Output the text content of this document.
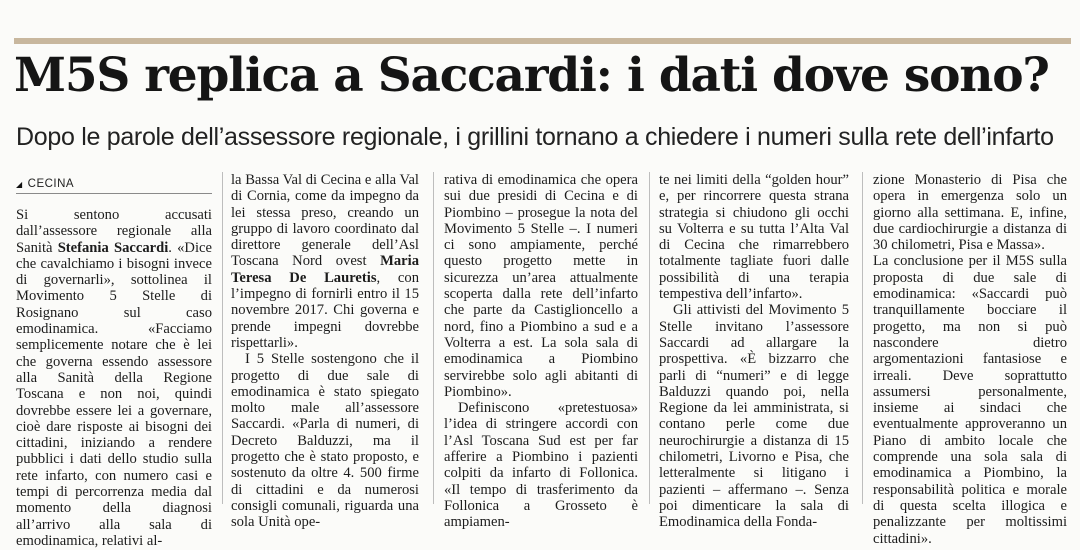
M5S replica a Saccardi: i dati dove sono?
Dopo le parole dell’assessore regionale, i grillini tornano a chiedere i numeri sulla rete dell’infarto
◢ CECINA

Si sentono accusati dall’assessore regionale alla Sanità Stefania Saccardi. «Dice che cavalchiamo i bisogni invece di governarli», sottolinea il Movimento 5 Stelle di Rosignano sul caso emodinamica. «Facciamo semplicemente notare che è lei che governa essendo assessore alla Sanità della Regione Toscana e non noi, quindi dovrebbe essere lei a governare, cioè dare risposte ai bisogni dei cittadini, iniziando a rendere pubblici i dati dello studio sulla rete infarto, con numero casi e tempi di percorrenza media dal momento della diagnosi all’arrivo alla sala di emodinamica, relativi al-

la Bassa Val di Cecina e alla Val di Cornia, come da impegno da lei stessa preso, creando un gruppo di lavoro coordinato dal direttore generale dell’Asl Toscana Nord ovest Maria Teresa De Lauretis, con l’impegno di fornirli entro il 15 novembre 2017. Chi governa e prende impegni dovrebbe rispettarli».

I 5 Stelle sostengono che il progetto di due sale di emodinamica è stato spiegato molto male all’assessore Saccardi. «Parla di numeri, di Decreto Balduzzi, ma il progetto che è stato proposto, e sostenuto da oltre 4. 500 firme di cittadini e da numerosi consigli comunali, riguarda una sola Unità ope-

rativa di emodinamica che opera sui due presidi di Cecina e di Piombino – prosegue la nota del Movimento 5 Stelle –. I numeri ci sono ampiamente, perché questo progetto mette in sicurezza un’area attualmente scoperta dalla rete dell’infarto che parte da Castiglioncello a nord, fino a Piombino a sud e a Volterra a est. La sola sala di emodinamica a Piombino servirebbe solo agli abitanti di Piombino».

Definiscono «pretestuosa» l’idea di stringere accordi con l’Asl Toscana Sud est per far afferire a Piombino i pazienti colpiti da infarto di Follonica. «Il tempo di trasferimento da Follonica a Grosseto è ampiamen-

te nei limiti della “golden hour” e, per rincorrere questa strana strategia si chiudono gli occhi su Volterra e su tutta l’Alta Val di Cecina che rimarrebbero totalmente tagliate fuori dalle possibilità di una terapia tempestiva dell’infarto».

Gli attivisti del Movimento 5 Stelle invitano l’assessore Saccardi ad allargare la prospettiva. «È bizzarro che parli di “numeri” e di legge Balduzzi quando poi, nella Regione da lei amministrata, si contano perle come due neurochirurgie a distanza di 15 chilometri, Livorno e Pisa, che letteralmente si litigano i pazienti – affermano –. Senza poi dimenticare la sala di Emodinamica della Fonda-

zione Monasterio di Pisa che opera in emergenza solo un giorno alla settimana. E, infine, due cardiochirurgie a distanza di 30 chilometri, Pisa e Massa».

La conclusione per il M5S sulla proposta di due sale di emodinamica: «Saccardi può tranquillamente bocciare il progetto, ma non si può nascondere dietro argomentazioni fantasiose e irreali. Deve soprattutto assumersi personalmente, insieme ai sindaci che eventualmente approveranno un Piano di ambito locale che comprende una sola sala di emodinamica a Piombino, la responsabilità politica e morale di questa scelta illogica e penalizzante per moltissimi cittadini».
